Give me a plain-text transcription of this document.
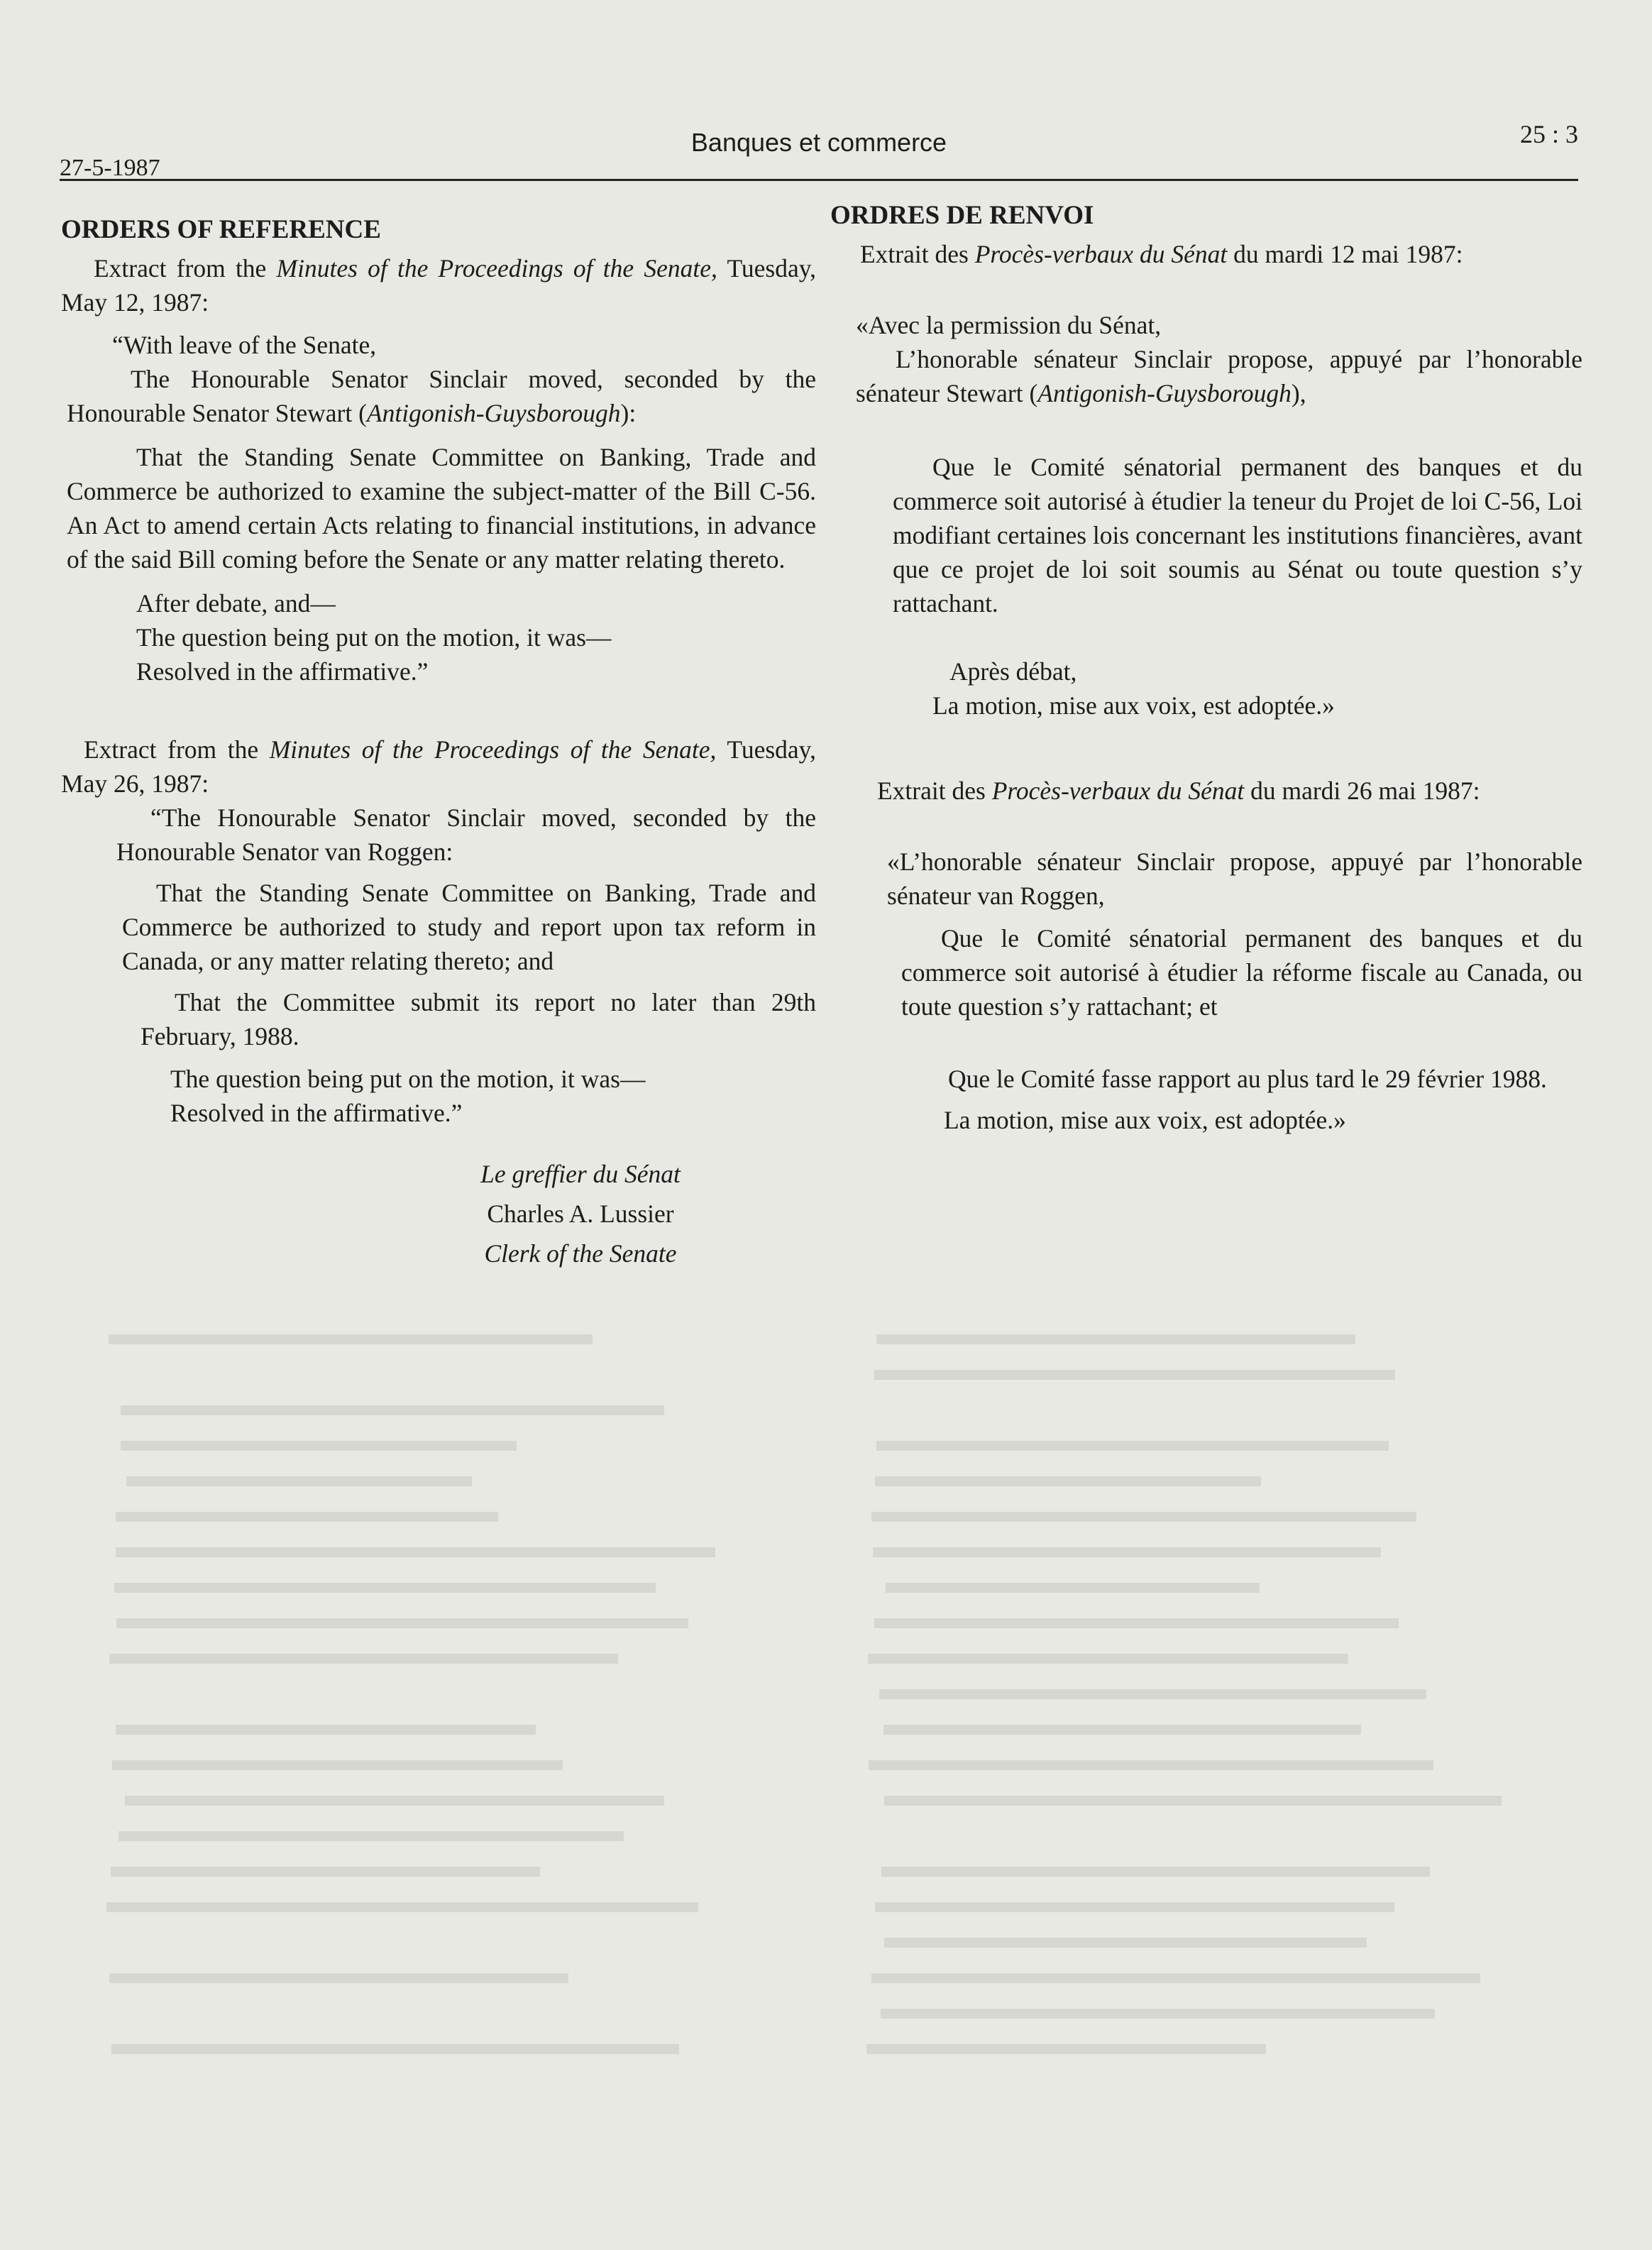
27-5-1987
Banques et commerce	25 : 3
ORDERS OF REFERENCE

Extract from the Minutes of the Proceedings of the Senate, Tuesday, May 12, 1987:

“With leave of the Senate,

The Honourable Senator Sinclair moved, seconded by the Honourable Senator Stewart (Antigonish-Guysborough):

That the Standing Senate Committee on Banking, Trade and Commerce be authorized to examine the subject-matter of the Bill C-56. An Act to amend certain Acts relating to financial institutions, in advance of the said Bill coming before the Senate or any matter relating thereto.

After debate, and—

The question being put on the motion, it was—

Resolved in the affirmative.”

Extract from the Minutes of the Proceedings of the Senate, Tuesday, May 26, 1987:

“The Honourable Senator Sinclair moved, seconded by the Honourable Senator van Roggen:

That the Standing Senate Committee on Banking, Trade and Commerce be authorized to study and report upon tax reform in Canada, or any matter relating thereto; and

That the Committee submit its report no later than 29th February, 1988.

The question being put on the motion, it was—

Resolved in the affirmative.”

Le greffier du Sénat

Charles A. Lussier

Clerk of the Senate

ORDRES DE RENVOI

Extrait des Procès-verbaux du Sénat du mardi 12 mai 1987:

«Avec la permission du Sénat,

L’honorable sénateur Sinclair propose, appuyé par l’honorable sénateur Stewart (Antigonish-Guysborough),

Que le Comité sénatorial permanent des banques et du commerce soit autorisé à étudier la teneur du Projet de loi C-56, Loi modifiant certaines lois concernant les institutions financières, avant que ce projet de loi soit soumis au Sénat ou toute question s’y rattachant.

Après débat,

La motion, mise aux voix, est adoptée.»

Extrait des Procès-verbaux du Sénat du mardi 26 mai 1987:

«L’honorable sénateur Sinclair propose, appuyé par l’honorable sénateur van Roggen,

Que le Comité sénatorial permanent des banques et du commerce soit autorisé à étudier la réforme fiscale au Canada, ou toute question s’y rattachant; et

Que le Comité fasse rapport au plus tard le 29 février 1988.

La motion, mise aux voix, est adoptée.»
